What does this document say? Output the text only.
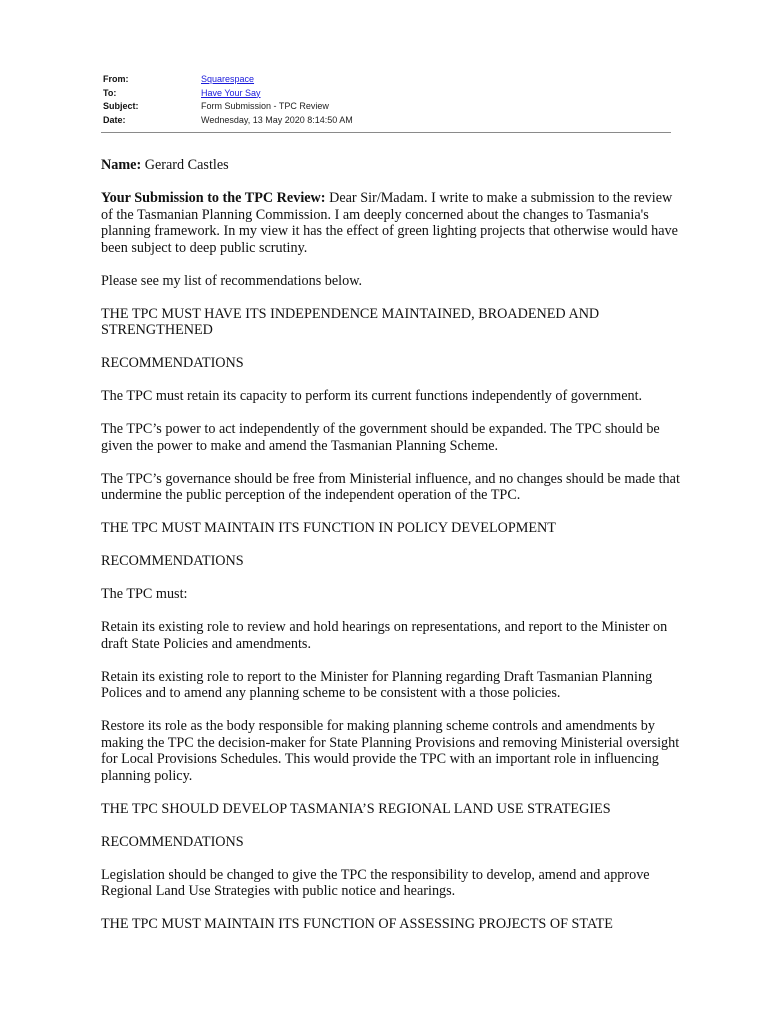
From:	Squarespace
To:	Have Your Say
Subject:	Form Submission - TPC Review
Date:	Wednesday, 13 May 2020 8:14:50 AM

Name: Gerard Castles

Your Submission to the TPC Review: Dear Sir/Madam. I write to make a submission to the review of the Tasmanian Planning Commission. I am deeply concerned about the changes to Tasmania's planning framework. In my view it has the effect of green lighting projects that otherwise would have been subject to deep public scrutiny.

Please see my list of recommendations below.

THE TPC MUST HAVE ITS INDEPENDENCE MAINTAINED, BROADENED AND STRENGTHENED

RECOMMENDATIONS

The TPC must retain its capacity to perform its current functions independently of government.

The TPC’s power to act independently of the government should be expanded. The TPC should be given the power to make and amend the Tasmanian Planning Scheme.

The TPC’s governance should be free from Ministerial influence, and no changes should be made that undermine the public perception of the independent operation of the TPC.

THE TPC MUST MAINTAIN ITS FUNCTION IN POLICY DEVELOPMENT

RECOMMENDATIONS

The TPC must:

Retain its existing role to review and hold hearings on representations, and report to the Minister on draft State Policies and amendments.

Retain its existing role to report to the Minister for Planning regarding Draft Tasmanian Planning Polices and to amend any planning scheme to be consistent with a those policies.

Restore its role as the body responsible for making planning scheme controls and amendments by making the TPC the decision-maker for State Planning Provisions and removing Ministerial oversight for Local Provisions Schedules. This would provide the TPC with an important role in influencing planning policy.

THE TPC SHOULD DEVELOP TASMANIA’S REGIONAL LAND USE STRATEGIES

RECOMMENDATIONS

Legislation should be changed to give the TPC the responsibility to develop, amend and approve Regional Land Use Strategies with public notice and hearings.

THE TPC MUST MAINTAIN ITS FUNCTION OF ASSESSING PROJECTS OF STATE
